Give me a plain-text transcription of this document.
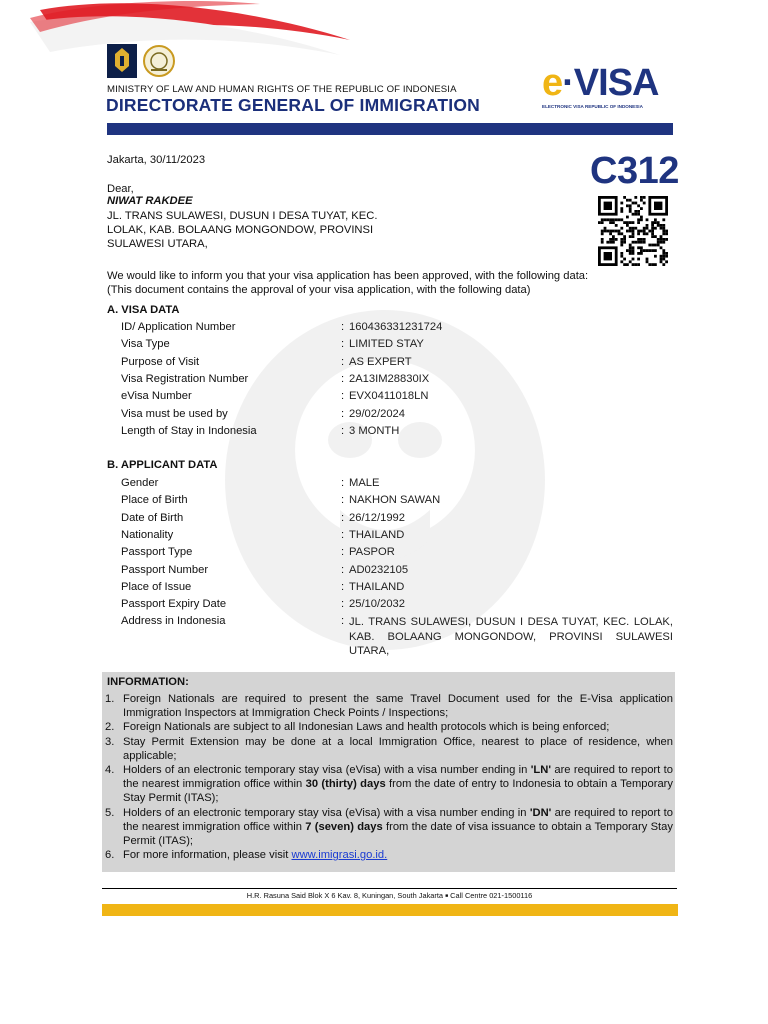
MINISTRY OF LAW AND HUMAN RIGHTS OF THE REPUBLIC OF INDONESIA
DIRECTORATE GENERAL OF IMMIGRATION
e·VISA
ELECTRONIC VISA REPUBLIC OF INDONESIA
Jakarta, 30/11/2023	C312
Dear,
NIWAT RAKDEE
JL. TRANS SULAWESI, DUSUN I DESA TUYAT, KEC.
LOLAK, KAB. BOLAANG MONGONDOW, PROVINSI
SULAWESI UTARA,
We would like to inform you that your visa application has been approved, with the following data:
(This document contains the approval of your visa application, with the following data)
A. VISA DATA
ID/ Application Number	: 160436331231724
Visa Type	: LIMITED STAY
Purpose of Visit	: AS EXPERT
Visa Registration Number	: 2A13IM28830IX
eVisa Number	: EVX0411018LN
Visa must be used by	: 29/02/2024
Length of Stay in Indonesia	: 3 MONTH
B. APPLICANT DATA
Gender	: MALE
Place of Birth	: NAKHON SAWAN
Date of Birth	: 26/12/1992
Nationality	: THAILAND
Passport Type	: PASPOR
Passport Number	: AD0232105
Place of Issue	: THAILAND
Passport Expiry Date	: 25/10/2032
Address in Indonesia	: JL. TRANS SULAWESI, DUSUN I DESA TUYAT, KEC. LOLAK, KAB. BOLAANG MONGONDOW, PROVINSI SULAWESI UTARA,
INFORMATION:
1. Foreign Nationals are required to present the same Travel Document used for the E-Visa application Immigration Inspectors at Immigration Check Points / Inspections;
2. Foreign Nationals are subject to all Indonesian Laws and health protocols which is being enforced;
3. Stay Permit Extension may be done at a local Immigration Office, nearest to place of residence, when applicable;
4. Holders of an electronic temporary stay visa (eVisa) with a visa number ending in 'LN' are required to report to the nearest immigration office within 30 (thirty) days from the date of entry to Indonesia to obtain a Temporary Stay Permit (ITAS);
5. Holders of an electronic temporary stay visa (eVisa) with a visa number ending in 'DN' are required to report to the nearest immigration office within 7 (seven) days from the date of visa issuance to obtain a Temporary Stay Permit (ITAS);
6. For more information, please visit www.imigrasi.go.id.
H.R. Rasuna Said Blok X 6 Kav. 8, Kuningan, South Jakarta ■ Call Centre 021-1500116
